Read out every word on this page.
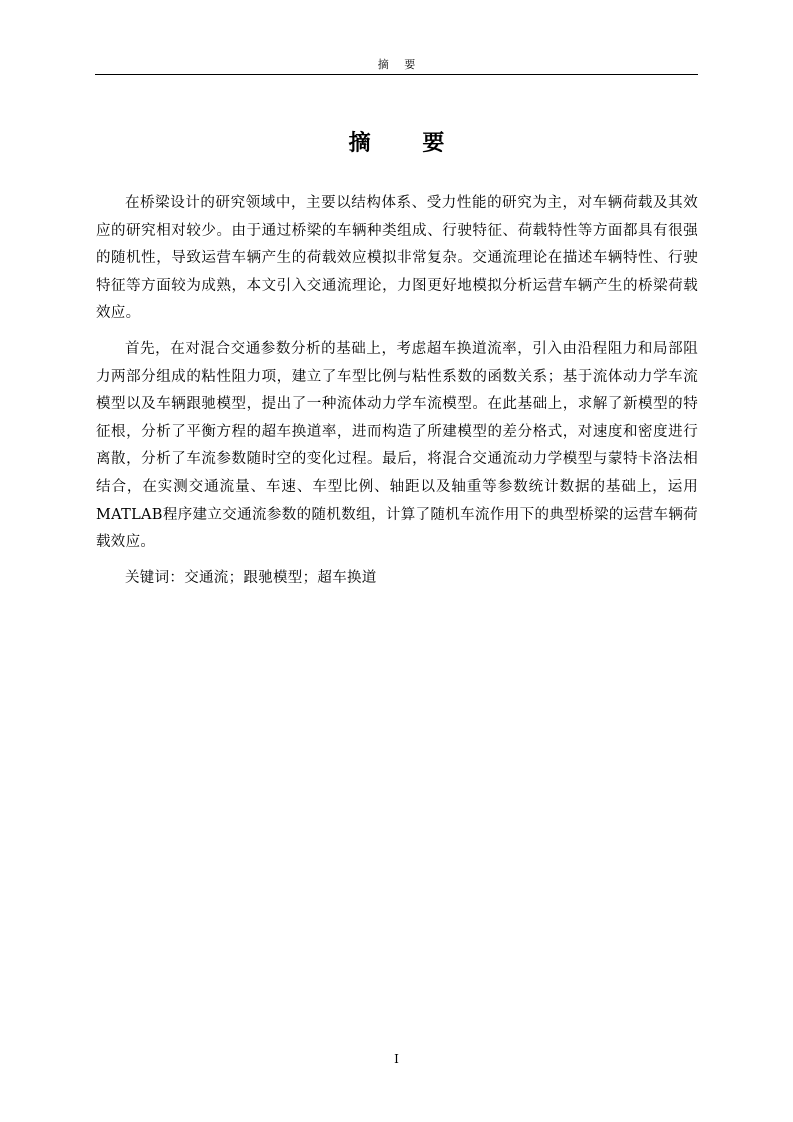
摘 要
摘 要

在桥梁设计的研究领域中，主要以结构体系、受力性能的研究为主，对车辆荷载及其效应的研究相对较少。由于通过桥梁的车辆种类组成、行驶特征、荷载特性等方面都具有很强的随机性，导致运营车辆产生的荷载效应模拟非常复杂。交通流理论在描述车辆特性、行驶特征等方面较为成熟，本文引入交通流理论，力图更好地模拟分析运营车辆产生的桥梁荷载效应。

首先，在对混合交通参数分析的基础上，考虑超车换道流率，引入由沿程阻力和局部阻力两部分组成的粘性阻力项，建立了车型比例与粘性系数的函数关系；基于流体动力学车流模型以及车辆跟驰模型，提出了一种流体动力学车流模型。在此基础上，求解了新模型的特征根，分析了平衡方程的超车换道率，进而构造了所建模型的差分格式，对速度和密度进行离散，分析了车流参数随时空的变化过程。最后，将混合交通流动力学模型与蒙特卡洛法相结合，在实测交通流量、车速、车型比例、轴距以及轴重等参数统计数据的基础上，运用MATLAB程序建立交通流参数的随机数组，计算了随机车流作用下的典型桥梁的运营车辆荷载效应。

关键词：交通流；跟驰模型；超车换道

I
